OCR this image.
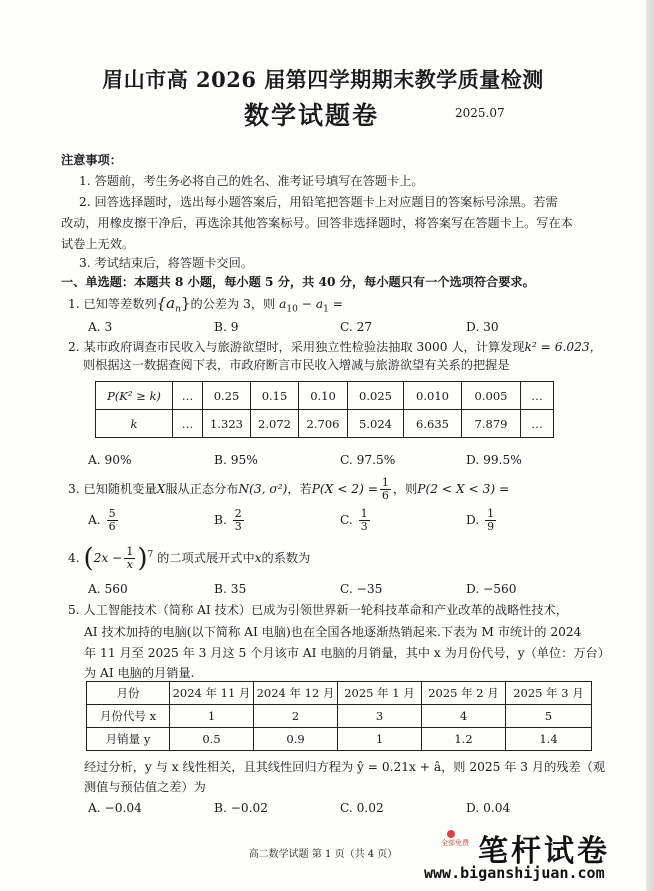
眉山市高 2026 届第四学期期末教学质量检测
数学试题卷	2025.07
注意事项：
1. 答题前，考生务必将自己的姓名、准考证号填写在答题卡上。
2. 回答选择题时，选出每小题答案后，用铅笔把答题卡上对应题目的答案标号涂黑。若需
改动，用橡皮擦干净后，再选涂其他答案标号。回答非选择题时，将答案写在答题卡上。写在本
试卷上无效。
3. 考试结束后，将答题卡交回。
一、单选题：本题共 8 小题，每小题 5 分，共 40 分，每小题只有一个选项符合要求。
1. 已知等差数列$\{a_n\}$的公差为 3，则 $a_{10} - a_1$ =
A. 3	B. 9	C. 27	D. 30
2. 某市政府调查市民收入与旅游欲望时，采用独立性检验法抽取 3000 人，计算发现k² = 6.023，
则根据这一数据查阅下表，市政府断言市民收入增减与旅游欲望有关系的把握是
P(K² ≥ k)	…	0.25	0.15	0.10	0.025	0.010	0.005	…
k	…	1.323	2.072	2.706	5.024	6.635	7.879	…
A. 90%	B. 95%	C. 97.5%	D. 99.5%
3. 已知随机变量X服从正态分布N(3, σ²)，若$P(X < 2) = \frac{1}{6}$ ，则P(2 < X < 3) =
A. $\frac{5}{6}$	B. $\frac{2}{3}$	C. $\frac{1}{3}$	D. $\frac{1}{9}$
4. $(2x - \frac{1}{x} )^7$ 的二项式展开式中x的系数为
A. 560	B. 35	C. −35	D. −560
5. 人工智能技术（简称 AI 技术）已成为引领世界新一轮科技革命和产业改革的战略性技术，
AI 技术加持的电脑(以下简称 AI 电脑)也在全国各地逐渐热销起来.下表为 M 市统计的 2024
年 11 月至 2025 年 3 月这 5 个月该市 AI 电脑的月销量，其中 x 为月份代号，y（单位：万台）
为 AI 电脑的月销量.
月份	2024 年 11 月	2024 年 12 月	2025 年 1 月	2025 年 2 月	2025 年 3 月
月份代号 x	1	2	3	4	5
月销量 y	0.5	0.9	1	1.2	1.4
经过分析，y 与 x 线性相关，且其线性回归方程为 ŷ = 0.21x + â，则 2025 年 3 月的残差（观
测值与预估值之差）为
A. −0.04	B. −0.02	C. 0.02	D. 0.04
高二数学试题 第 1 页（共 4 页）
全部免费 笔杆试卷
www.biganshijuan.com
